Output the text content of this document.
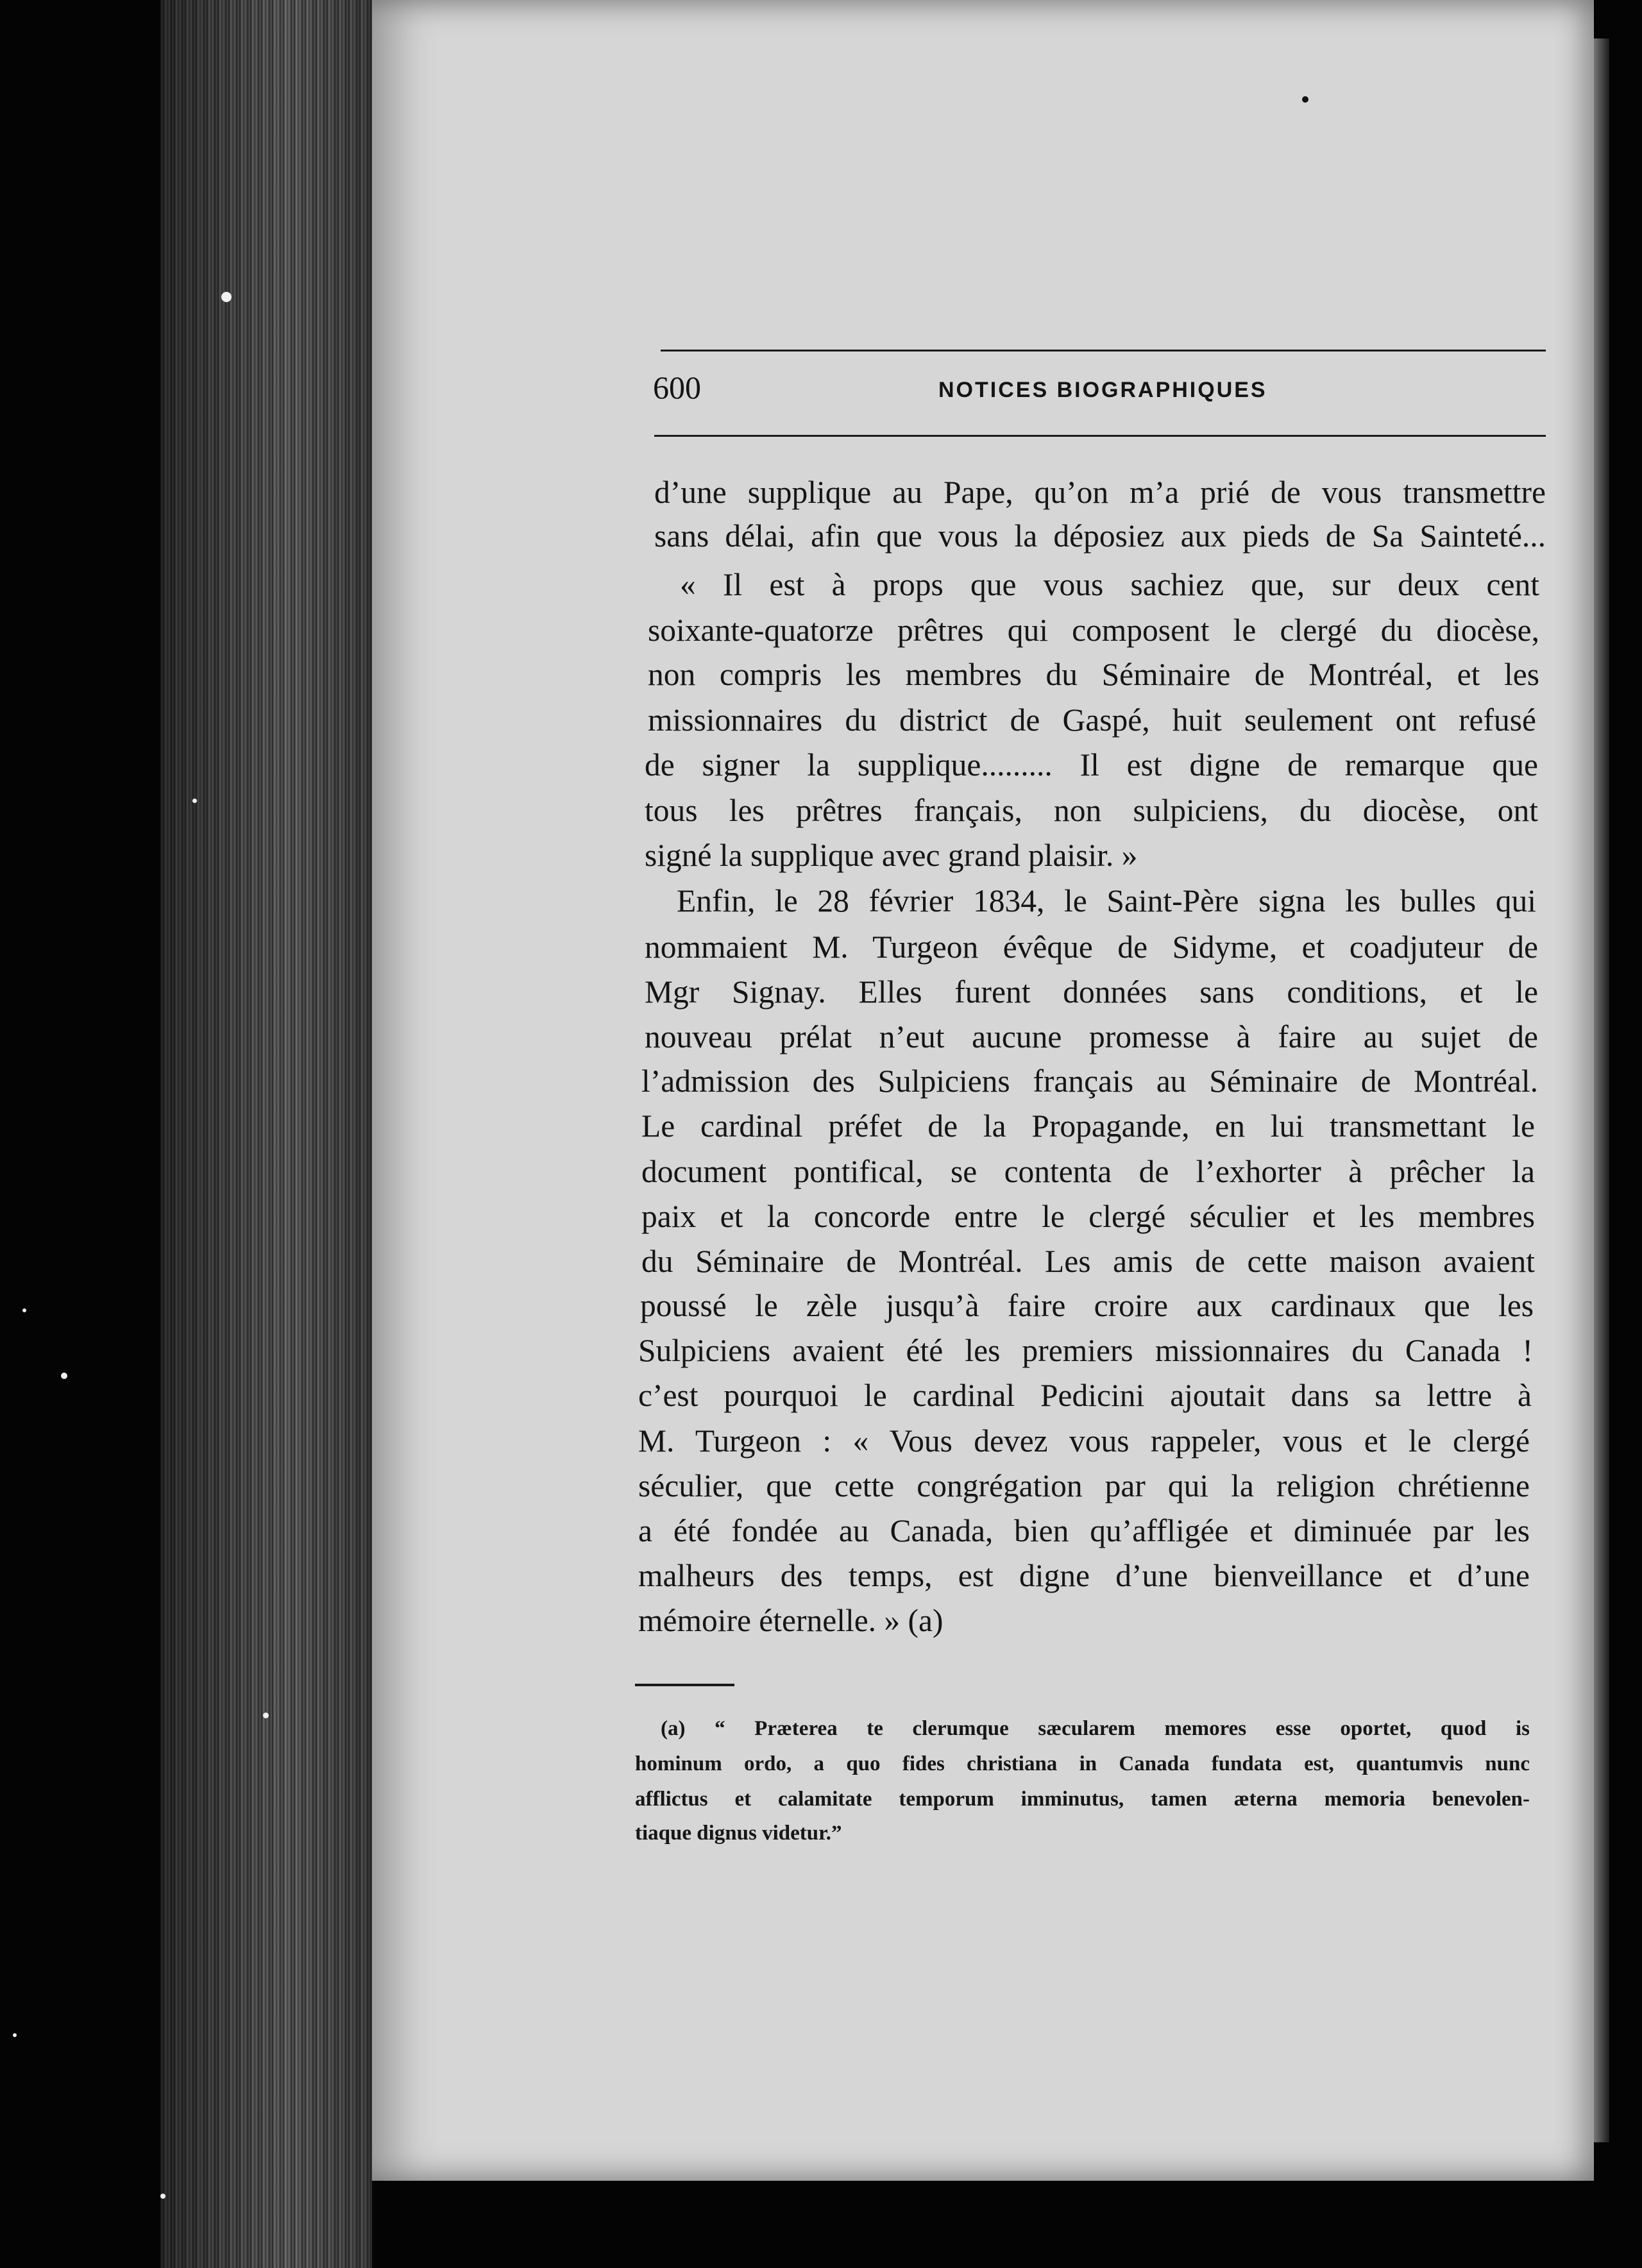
600	NOTICES BIOGRAPHIQUES
d’une supplique au Pape, qu’on m’a prié de vous transmettre
sans délai, afin que vous la déposiez aux pieds de Sa Sainteté...
« Il est à props que vous sachiez que, sur deux cent
soixante-quatorze prêtres qui composent le clergé du diocèse,
non compris les membres du Séminaire de Montréal, et les
missionnaires du district de Gaspé, huit seulement ont refusé
de signer la supplique......... Il est digne de remarque que
tous les prêtres français, non sulpiciens, du diocèse, ont
signé la supplique avec grand plaisir. »
Enfin, le 28 février 1834, le Saint-Père signa les bulles qui
nommaient M. Turgeon évêque de Sidyme, et coadjuteur de
Mgr Signay. Elles furent données sans conditions, et le
nouveau prélat n’eut aucune promesse à faire au sujet de
l’admission des Sulpiciens français au Séminaire de Montréal.
Le cardinal préfet de la Propagande, en lui transmettant le
document pontifical, se contenta de l’exhorter à prêcher la
paix et la concorde entre le clergé séculier et les membres
du Séminaire de Montréal. Les amis de cette maison avaient
poussé le zèle jusqu’à faire croire aux cardinaux que les
Sulpiciens avaient été les premiers missionnaires du Canada !
c’est pourquoi le cardinal Pedicini ajoutait dans sa lettre à
M. Turgeon : « Vous devez vous rappeler, vous et le clergé
séculier, que cette congrégation par qui la religion chrétienne
a été fondée au Canada, bien qu’affligée et diminuée par les
malheurs des temps, est digne d’une bienveillance et d’une
mémoire éternelle. » (a)
(a) “ Præterea te clerumque sæcularem memores esse oportet, quod is
hominum ordo, a quo fides christiana in Canada fundata est, quantumvis nunc
afflictus et calamitate temporum imminutus, tamen æterna memoria benevolen-
tiaque dignus videtur.”
